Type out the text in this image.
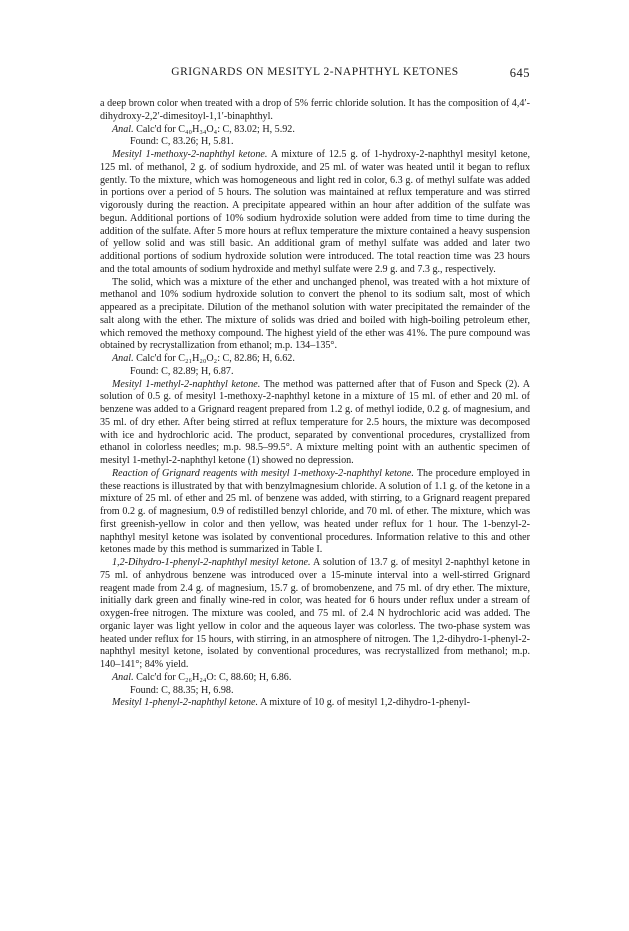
GRIGNARDS ON MESITYL 2-NAPHTHYL KETONES	645

a deep brown color when treated with a drop of 5% ferric chloride solution. It has the composition of 4,4′-dihydroxy-2,2′-dimesitoyl-1,1′-binaphthyl.

Anal. Calc'd for C₄₀H₃₄O₄: C, 83.02; H, 5.92.

Found: C, 83.26; H, 5.81.

Mesityl 1-methoxy-2-naphthyl ketone. A mixture of 12.5 g. of 1-hydroxy-2-naphthyl mesityl ketone, 125 ml. of methanol, 2 g. of sodium hydroxide, and 25 ml. of water was heated until it began to reflux gently. To the mixture, which was homogeneous and light red in color, 6.3 g. of methyl sulfate was added in portions over a period of 5 hours. The solution was maintained at reflux temperature and was stirred vigorously during the reaction. A precipitate appeared within an hour after addition of the sulfate was begun. Additional portions of 10% sodium hydroxide solution were added from time to time during the addition of the sulfate. After 5 more hours at reflux temperature the mixture contained a heavy suspension of yellow solid and was still basic. An additional gram of methyl sulfate was added and later two additional portions of sodium hydroxide solution were introduced. The total reaction time was 23 hours and the total amounts of sodium hydroxide and methyl sulfate were 2.9 g. and 7.3 g., respectively.

The solid, which was a mixture of the ether and unchanged phenol, was treated with a hot mixture of methanol and 10% sodium hydroxide solution to convert the phenol to its sodium salt, most of which appeared as a precipitate. Dilution of the methanol solution with water precipitated the remainder of the salt along with the ether. The mixture of solids was dried and boiled with high-boiling petroleum ether, which removed the methoxy compound. The highest yield of the ether was 41%. The pure compound was obtained by recrystallization from ethanol; m.p. 134–135°.

Anal. Calc'd for C₂₁H₂₀O₂: C, 82.86; H, 6.62.

Found: C, 82.89; H, 6.87.

Mesityl 1-methyl-2-naphthyl ketone. The method was patterned after that of Fuson and Speck (2). A solution of 0.5 g. of mesityl 1-methoxy-2-naphthyl ketone in a mixture of 15 ml. of ether and 20 ml. of benzene was added to a Grignard reagent prepared from 1.2 g. of methyl iodide, 0.2 g. of magnesium, and 35 ml. of dry ether. After being stirred at reflux temperature for 2.5 hours, the mixture was decomposed with ice and hydrochloric acid. The product, separated by conventional procedures, crystallized from ethanol in colorless needles; m.p. 98.5–99.5°. A mixture melting point with an authentic specimen of mesityl 1-methyl-2-naphthyl ketone (1) showed no depression.

Reaction of Grignard reagents with mesityl 1-methoxy-2-naphthyl ketone. The procedure employed in these reactions is illustrated by that with benzylmagnesium chloride. A solution of 1.1 g. of the ketone in a mixture of 25 ml. of ether and 25 ml. of benzene was added, with stirring, to a Grignard reagent prepared from 0.2 g. of magnesium, 0.9 of redistilled benzyl chloride, and 70 ml. of ether. The mixture, which was first greenish-yellow in color and then yellow, was heated under reflux for 1 hour. The 1-benzyl-2-naphthyl mesityl ketone was isolated by conventional procedures. Information relative to this and other ketones made by this method is summarized in Table I.

1,2-Dihydro-1-phenyl-2-naphthyl mesityl ketone. A solution of 13.7 g. of mesityl 2-naphthyl ketone in 75 ml. of anhydrous benzene was introduced over a 15-minute interval into a well-stirred Grignard reagent made from 2.4 g. of magnesium, 15.7 g. of bromobenzene, and 75 ml. of dry ether. The mixture, initially dark green and finally wine-red in color, was heated for 6 hours under reflux under a stream of oxygen-free nitrogen. The mixture was cooled, and 75 ml. of 2.4 N hydrochloric acid was added. The organic layer was light yellow in color and the aqueous layer was colorless. The two-phase system was heated under reflux for 15 hours, with stirring, in an atmosphere of nitrogen. The 1,2-dihydro-1-phenyl-2-naphthyl mesityl ketone, isolated by conventional procedures, was recrystallized from methanol; m.p. 140–141°; 84% yield.

Anal. Calc'd for C₂₆H₂₄O: C, 88.60; H, 6.86.

Found: C, 88.35; H, 6.98.

Mesityl 1-phenyl-2-naphthyl ketone. A mixture of 10 g. of mesityl 1,2-dihydro-1-phenyl-
